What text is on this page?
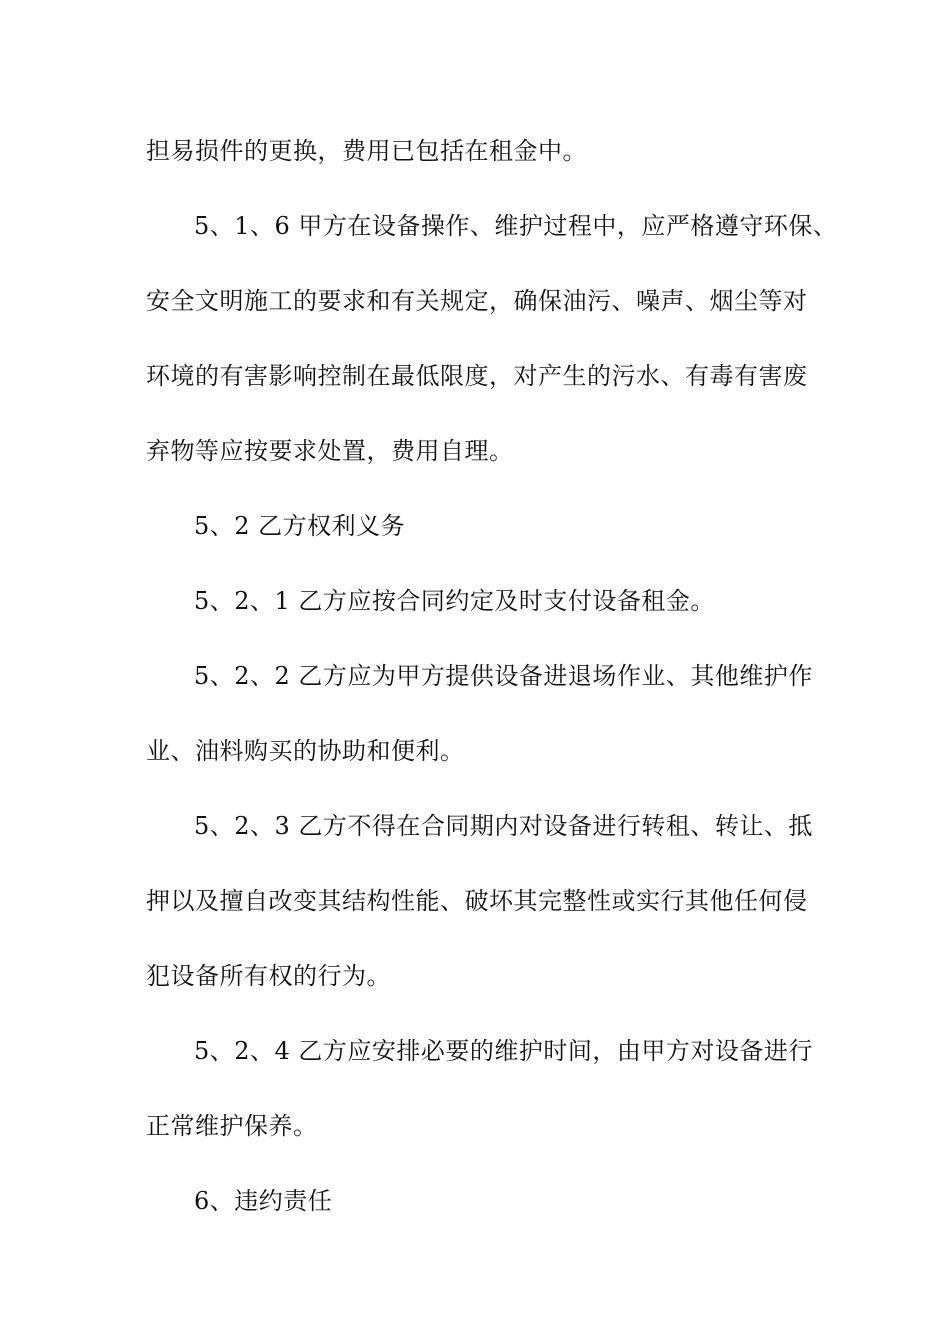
担易损件的更换，费用已包括在租金中。
5、1、6 甲方在设备操作、维护过程中，应严格遵守环保、
安全文明施工的要求和有关规定，确保油污、噪声、烟尘等对
环境的有害影响控制在最低限度，对产生的污水、有毒有害废
弃物等应按要求处置，费用自理。
5、2 乙方权利义务
5、2、1 乙方应按合同约定及时支付设备租金。
5、2、2 乙方应为甲方提供设备进退场作业、其他维护作
业、油料购买的协助和便利。
5、2、3 乙方不得在合同期内对设备进行转租、转让、抵
押以及擅自改变其结构性能、破坏其完整性或实行其他任何侵
犯设备所有权的行为。
5、2、4 乙方应安排必要的维护时间，由甲方对设备进行
正常维护保养。
6、违约责任
